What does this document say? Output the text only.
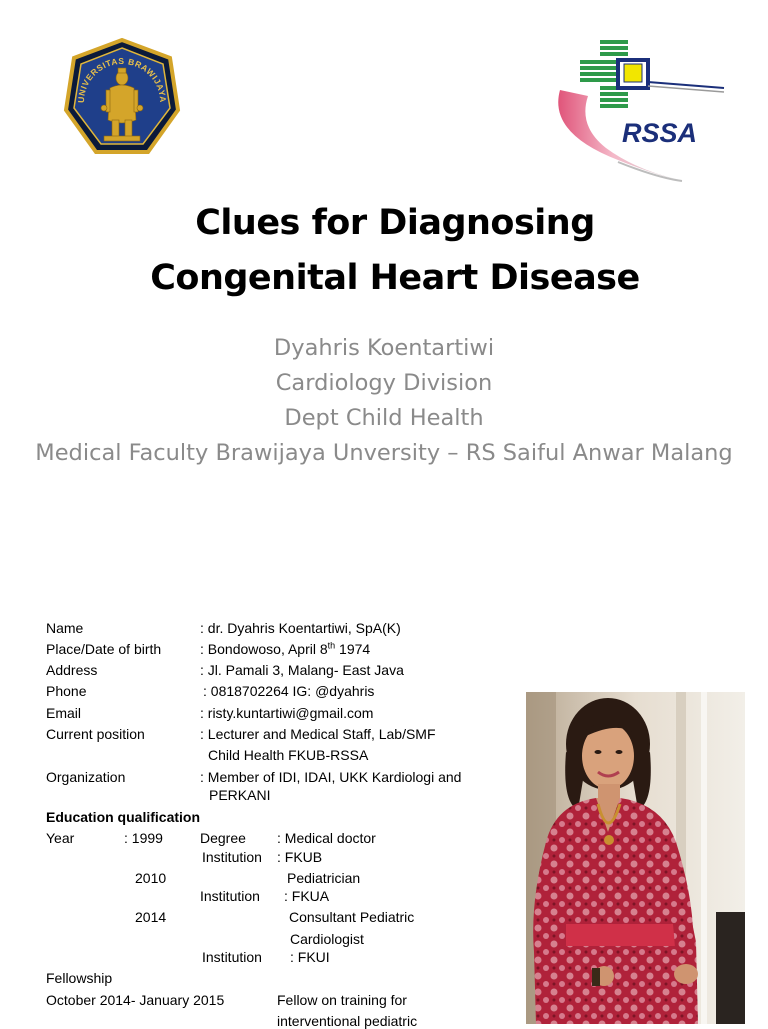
UNIVERSITAS BRAWIJAYA
RSSA
Clues for Diagnosing
Congenital Heart Disease
Dyahris Koentartiwi
Cardiology Division
Dept Child Health
Medical Faculty Brawijaya Unversity – RS Saiful Anwar Malang
Name	: dr. Dyahris Koentartiwi, SpA(K)
Place/Date of birth	: Bondowoso, April 8th 1974
Address	: Jl. Pamali 3, Malang- East Java
Phone	: 0818702264 IG: @dyahris
Email	: risty.kuntartiwi@gmail.com
Current position	: Lecturer and Medical Staff, Lab/SMF
Child Health FKUB-RSSA
Organization	: Member of IDI, IDAI, UKK Kardiologi and
PERKANI
Education qualification
Year	: 1999	Degree : Medical doctor
Institution : FKUB
2010	Pediatrician
Institution : FKUA
2014	Consultant Pediatric
Cardiologist
Institution : FKUI
Fellowship
October 2014- January 2015	Fellow on training for
interventional pediatric
